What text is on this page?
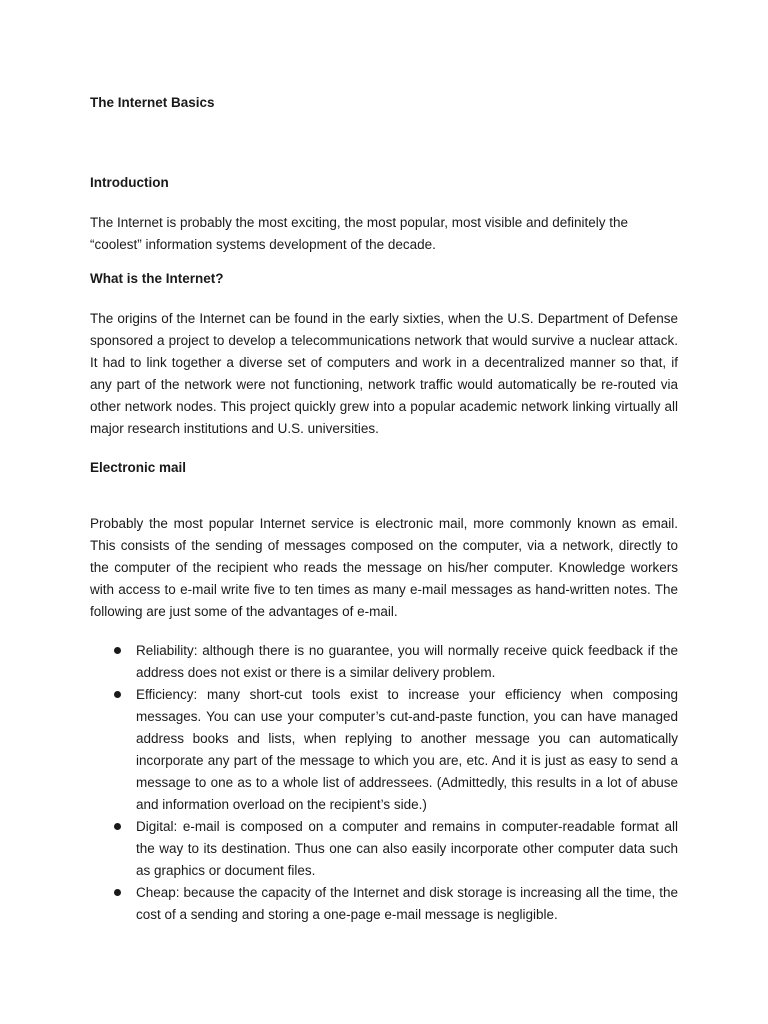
The Internet Basics
Introduction

The Internet is probably the most exciting, the most popular, most visible and definitely the “coolest” information systems development of the decade.

What is the Internet?

The origins of the Internet can be found in the early sixties, when the U.S. Department of Defense sponsored a project to develop a telecommunications network that would survive a nuclear attack. It had to link together a diverse set of computers and work in a decentralized manner so that, if any part of the network were not functioning, network traffic would automatically be re-routed via other network nodes. This project quickly grew into a popular academic network linking virtually all major research institutions and U.S. universities.

Electronic mail

Probably the most popular Internet service is electronic mail, more commonly known as email. This consists of the sending of messages composed on the computer, via a network, directly to the computer of the recipient who reads the message on his/her computer. Knowledge workers with access to e-mail write five to ten times as many e-mail messages as hand-written notes. The following are just some of the advantages of e-mail.

Reliability: although there is no guarantee, you will normally receive quick feedback if the address does not exist or there is a similar delivery problem.
Efficiency: many short-cut tools exist to increase your efficiency when composing messages. You can use your computer’s cut-and-paste function, you can have managed address books and lists, when replying to another message you can automatically incorporate any part of the message to which you are, etc. And it is just as easy to send a message to one as to a whole list of addressees. (Admittedly, this results in a lot of abuse and information overload on the recipient’s side.)
Digital: e-mail is composed on a computer and remains in computer-readable format all the way to its destination. Thus one can also easily incorporate other computer data such as graphics or document files.
Cheap: because the capacity of the Internet and disk storage is increasing all the time, the cost of a sending and storing a one-page e-mail message is negligible.
